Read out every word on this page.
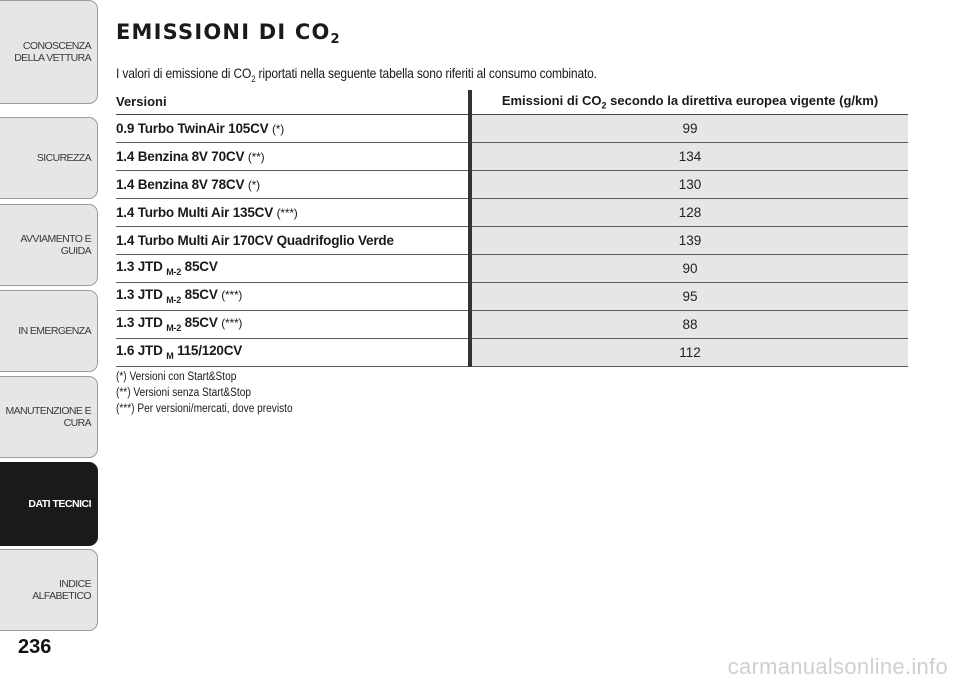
CONOSCENZA
DELLA VETTURA
SICUREZZA
AVVIAMENTO E
GUIDA
IN EMERGENZA
MANUTENZIONE E
CURA
DATI TECNICI
INDICE ALFABETICO
236
EMISSIONI DI $CO_2$
I valori di emissione di $CO_2$ riportati nella seguente tabella sono riferiti al consumo combinato.
Versioni	Emissioni di $CO_2$ secondo la direttiva europea vigente (g/km)
0.9 Turbo TwinAir 105CV (*)	99
1.4 Benzina 8V 70CV (**)	134
1.4 Benzina 8V 78CV (*)	130
1.4 Turbo Multi Air 135CV (***)	128
1.4 Turbo Multi Air 170CV Quadrifoglio Verde	139
1.3 JTD $_{M-2}$ 85CV	90
1.3 JTD $_{M-2}$ 85CV (***)	95
1.3 JTD $_{M-2}$ 85CV (***)	88
1.6 JTD $_M$ 115/120CV	112
(*) Versioni con Start&Stop
(**) Versioni senza Start&Stop
(***) Per versioni/mercati, dove previsto
carmanualsonline.info
